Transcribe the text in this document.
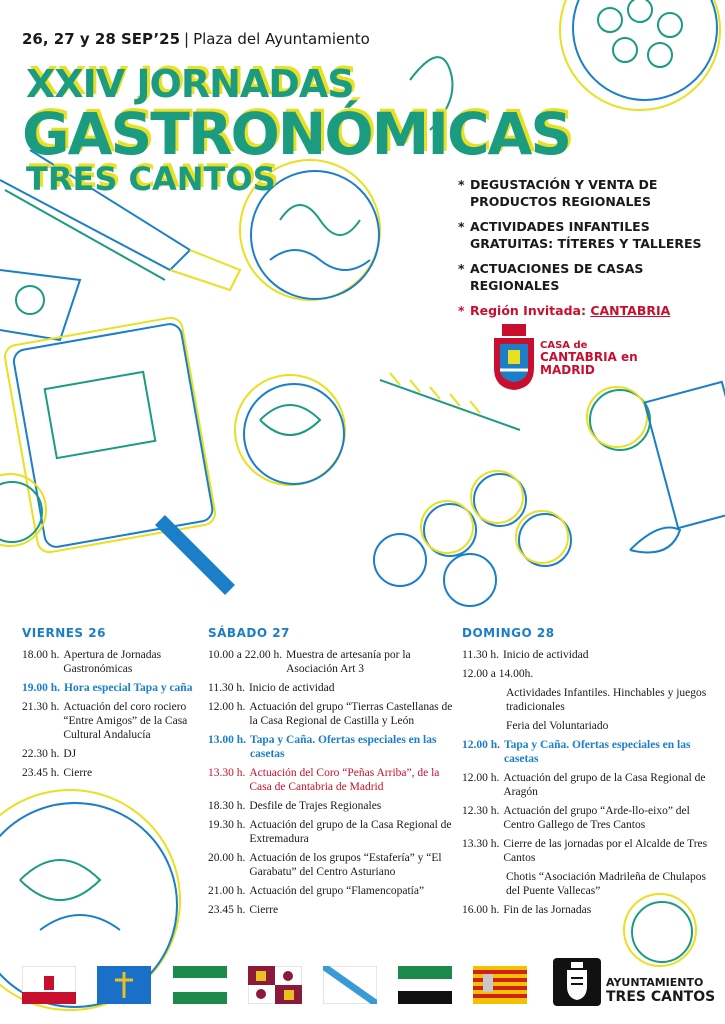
26, 27 y 28 SEP’25 | Plaza del Ayuntamiento
XXIV JORNADAS
GASTRONÓMICAS
TRES CANTOS	* DEGUSTACIÓN Y VENTA DE PRODUCTOS REGIONALES
* ACTIVIDADES INFANTILES GRATUITAS: TÍTERES Y TALLERES
* ACTUACIONES DE CASAS REGIONALES
* Región Invitada: CANTABRIA
CASA de
CANTABRIA en
MADRID
VIERNES 26
18.00 h. Apertura de Jornadas Gastronómicas
19.00 h. Hora especial Tapa y caña
21.30 h. Actuación del coro rociero “Entre Amigos” de la Casa Cultural Andalucía
22.30 h. DJ
23.45 h. Cierre
SÁBADO 27
10.00 a 22.00 h. Muestra de artesanía por la Asociación Art 3
11.30 h. Inicio de actividad
12.00 h. Actuación del grupo “Tierras Castellanas de la Casa Regional de Castilla y León
13.00 h. Tapa y Caña. Ofertas especiales en las casetas
13.30 h. Actuación del Coro “Peñas Arriba”, de la Casa de Cantabria de Madrid
18.30 h. Desfile de Trajes Regionales
19.30 h. Actuación del grupo de la Casa Regional de Extremadura
20.00 h. Actuación de los grupos “Estafería” y “El Garabatu” del Centro Asturiano
21.00 h. Actuación del grupo “Flamencopatía”
23.45 h. Cierre
DOMINGO 28
11.30 h. Inicio de actividad
12.00 a 14.00h.
Actividades Infantiles. Hinchables y juegos tradicionales
Feria del Voluntariado
12.00 h. Tapa y Caña. Ofertas especiales en las casetas
12.00 h. Actuación del grupo de la Casa Regional de Aragón
12.30 h. Actuación del grupo “Arde-llo-eixo” del Centro Gallego de Tres Cantos
13.30 h. Cierre de las jornadas por el Alcalde de Tres Cantos
Chotis “Asociación Madrileña de Chulapos del Puente Vallecas”
16.00 h. Fin de las Jornadas
AYUNTAMIENTO
TRES CANTOS
